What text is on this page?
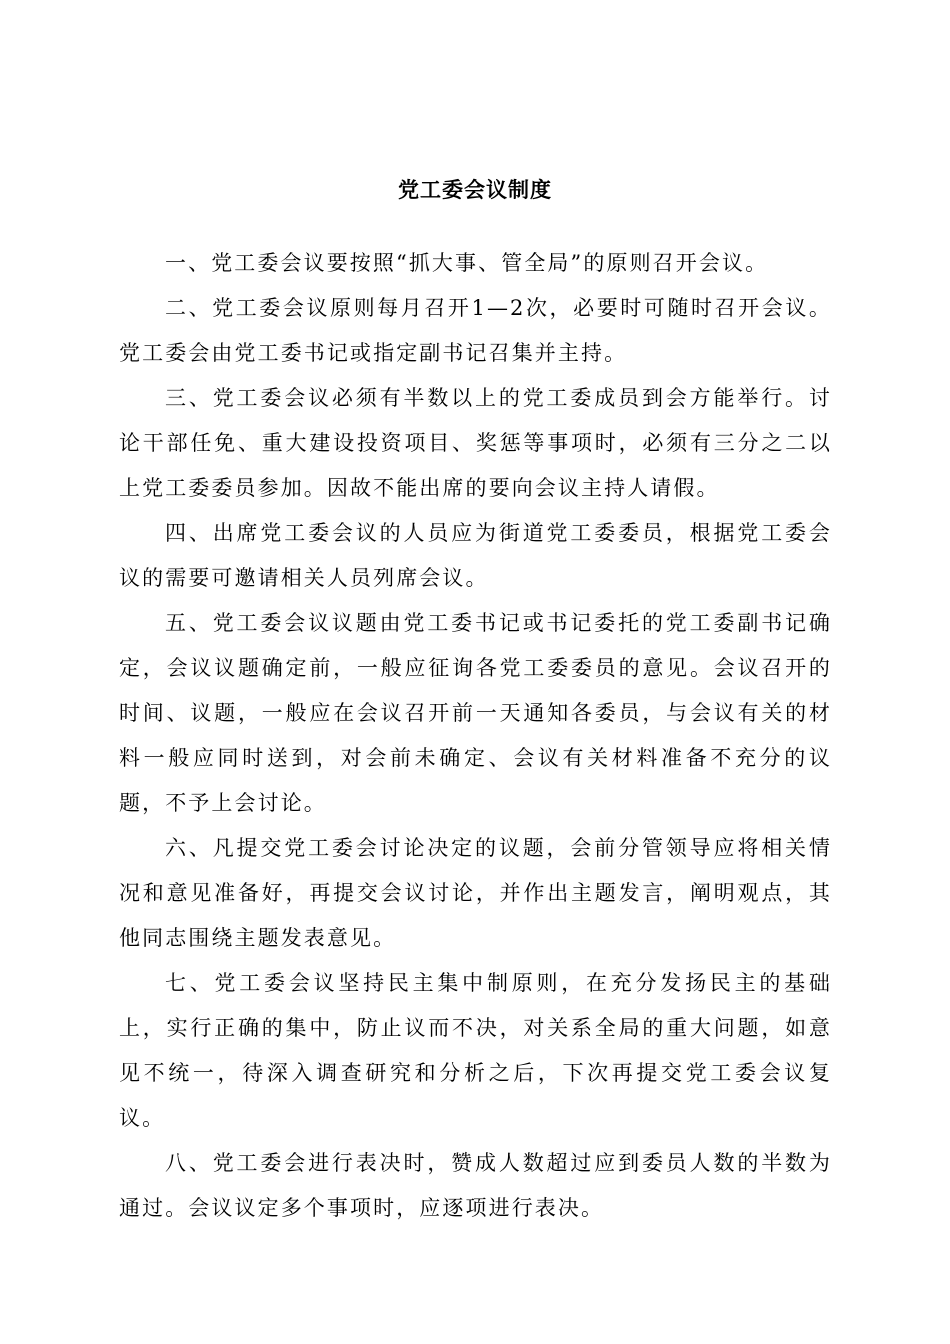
党工委会议制度

一、党工委会议要按照“抓大事、管全局”的原则召开会议。

二、党工委会议原则每月召开1—2次，必要时可随时召开会议。党工委会由党工委书记或指定副书记召集并主持。

三、党工委会议必须有半数以上的党工委成员到会方能举行。讨论干部任免、重大建设投资项目、奖惩等事项时，必须有三分之二以上党工委委员参加。因故不能出席的要向会议主持人请假。

四、出席党工委会议的人员应为街道党工委委员，根据党工委会议的需要可邀请相关人员列席会议。

五、党工委会议议题由党工委书记或书记委托的党工委副书记确定，会议议题确定前，一般应征询各党工委委员的意见。会议召开的时间、议题，一般应在会议召开前一天通知各委员，与会议有关的材料一般应同时送到，对会前未确定、会议有关材料准备不充分的议题，不予上会讨论。

六、凡提交党工委会讨论决定的议题，会前分管领导应将相关情况和意见准备好，再提交会议讨论，并作出主题发言，阐明观点，其他同志围绕主题发表意见。

七、党工委会议坚持民主集中制原则，在充分发扬民主的基础上，实行正确的集中，防止议而不决，对关系全局的重大问题，如意见不统一，待深入调查研究和分析之后，下次再提交党工委会议复议。

八、党工委会进行表决时，赞成人数超过应到委员人数的半数为通过。会议议定多个事项时，应逐项进行表决。
